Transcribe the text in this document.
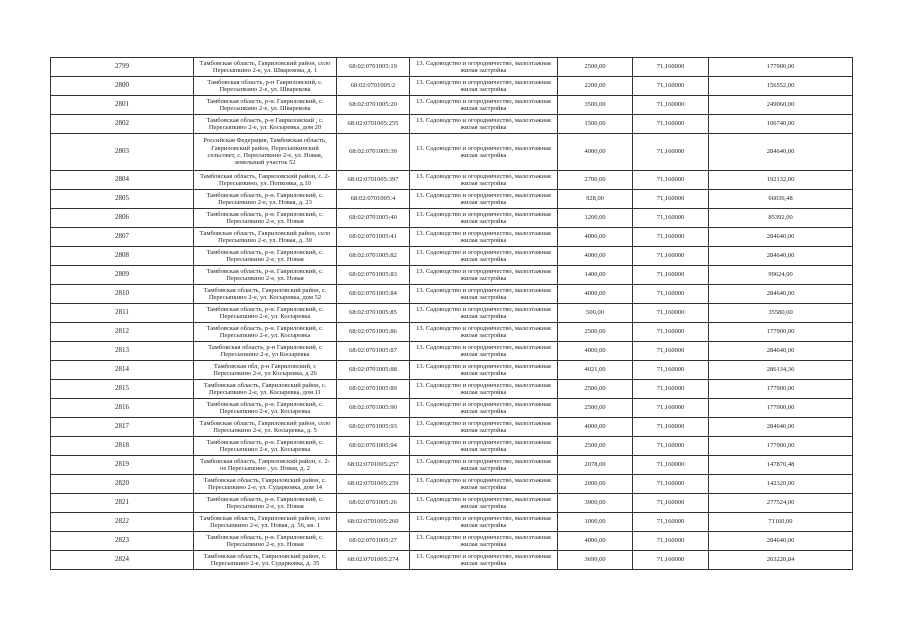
2799	Тамбовская область, Гавриловский район, село Пересыпкино 2-е, ул. Шварекова, д. 1	68:02:0701005:19	13. Садоводство и огородничество, малоэтажная жилая застройка	2500,00	71,160000	177900,00
2800	Тамбовская область, р-н Гавриловский, с. Пересыпкино 2-е, ул. Шварекова	68:02:0701005:2	13. Садоводство и огородничество, малоэтажная жилая застройка	2200,00	71,160000	156552,00
2801	Тамбовская область, р-н. Гавриловский, с. Пересыпкино 2-е, ул. Шварекова	68:02:0701005:20	13. Садоводство и огородничество, малоэтажная жилая застройка	3500,00	71,160000	249060,00
2802	Тамбовская область, р-н Гавриловский , с. Пересыпкино 2-е, ул. Косыревка, дом 20	68:02:0701005:255	13. Садоводство и огородничество, малоэтажная жилая застройка	1500,00	71,160000	106740,00
2803	Российская Федерация, Тамбовская область, Гавриловский район, Пересыпкинский сельсовет, с. Пересыпкино 2-е, ул. Новая, земельный участок 52	68:02:0701005:39	13. Садоводство и огородничество, малоэтажная жилая застройка	4000,00	71,160000	284640,00
2804	Тамбовская область, Гавриловский район, с. 2-Пересыпкино, ул. Попковка, д.10	68:02:0701005:397	13. Садоводство и огородничество, малоэтажная жилая застройка	2700,00	71,160000	192132,00
2805	Тамбовская область, р-н. Гавриловский, с. Пересыпкино 2-е, ул. Новая, д. 23	68:02:0701005:4	13. Садоводство и огородничество, малоэтажная жилая застройка	928,00	71,160000	66036,48
2806	Тамбовская область, р-н. Гавриловский, с. Пересыпкино 2-е, ул. Новая	68:02:0701005:40	13. Садоводство и огородничество, малоэтажная жилая застройка	1200,00	71,160000	85392,00
2807	Тамбовская область, Гавриловский район, село Пересыпкино 2-е, ул. Новая, д. 30	68:02:0701005:41	13. Садоводство и огородничество, малоэтажная жилая застройка	4000,00	71,160000	284640,00
2808	Тамбовская область, р-н. Гавриловский, с. Пересыпкино 2-е, ул. Новая	68:02:0701005:82	13. Садоводство и огородничество, малоэтажная жилая застройка	4000,00	71,160000	284640,00
2809	Тамбовская область, р-н. Гавриловский, с. Пересыпкино 2-е, ул. Новая	68:02:0701005:83	13. Садоводство и огородничество, малоэтажная жилая застройка	1400,00	71,160000	99624,00
2810	Тамбовская область, Гавриловский район, с. Пересыпкино 2-е, ул. Косыревка, дом 52	68:02:0701005:84	13. Садоводство и огородничество, малоэтажная жилая застройка	4000,00	71,160000	284640,00
2811	Тамбовская область, р-н. Гавриловский, с. Пересыпкино 2-е, ул. Косыревка	68:02:0701005:85	13. Садоводство и огородничество, малоэтажная жилая застройка	500,00	71,160000	35580,00
2812	Тамбовская область, р-н. Гавриловский, с. Пересыпкино 2-е, ул. Косыревка	68:02:0701005:86	13. Садоводство и огородничество, малоэтажная жилая застройка	2500,00	71,160000	177900,00
2813	Тамбовская область, р-н Гавриловский, с Пересыпкино 2-е, ул Косыревка	68:02:0701005:87	13. Садоводство и огородничество, малоэтажная жилая застройка	4000,00	71,160000	284640,00
2814	Тамбовская обл, р-н Гавриловский, с Пересыпкино 2-е, ул Косыревка, д 26	68:02:0701005:88	13. Садоводство и огородничество, малоэтажная жилая застройка	4021,00	71,160000	286134,36
2815	Тамбовская область, Гавриловский район, с. Пересыпкино 2-е, ул. Косыревка, дом 11	68:02:0701005:89	13. Садоводство и огородничество, малоэтажная жилая застройка	2500,00	71,160000	177900,00
2816	Тамбовская область, р-н. Гавриловский, с. Пересыпкино 2-е, ул. Косыревка	68:02:0701005:90	13. Садоводство и огородничество, малоэтажная жилая застройка	2500,00	71,160000	177900,00
2817	Тамбовская область, Гавриловский район, село Пересыпкино 2-е, ул. Косыревка, д. 5	68:02:0701005:93	13. Садоводство и огородничество, малоэтажная жилая застройка	4000,00	71,160000	284640,00
2818	Тамбовская область, р-н. Гавриловский, с. Пересыпкино 2-е, ул. Косыревка	68:02:0701005:94	13. Садоводство и огородничество, малоэтажная жилая застройка	2500,00	71,160000	177900,00
2819	Тамбовская область, Гавриловский район, с. 2-ое Пересыпкино , ул. Новая, д. 2	68:02:0701005:257	13. Садоводство и огородничество, малоэтажная жилая застройка	2078,00	71,160000	147870,48
2820	Тамбовская область, Гавриловский район, с. Пересыпкино 2-е, ул. Сударковка, дом 14	68:02:0701005:259	13. Садоводство и огородничество, малоэтажная жилая застройка	2000,00	71,160000	142320,00
2821	Тамбовская область, р-н. Гавриловский, с. Пересыпкино 2-е, ул. Новая	68:02:0701005:26	13. Садоводство и огородничество, малоэтажная жилая застройка	3900,00	71,160000	277524,00
2822	Тамбовская область, Гавриловский район, село Пересыпкино 2-е, ул. Новая, д. 56, кв. 1	68:02:0701005:260	13. Садоводство и огородничество, малоэтажная жилая застройка	1000,00	71,160000	71160,00
2823	Тамбовская область, р-н. Гавриловский, с. Пересыпкино 2-е, ул. Новая	68:02:0701005:27	13. Садоводство и огородничество, малоэтажная жилая застройка	4000,00	71,160000	284640,00
2824	Тамбовская область, Гавриловский район, с. Пересыпкино 2-е, ул. Сударковка, д. 35	68:02:0701005:274	13. Садоводство и огородничество, малоэтажная жилая застройка	3699,00	71,160000	263220,84
